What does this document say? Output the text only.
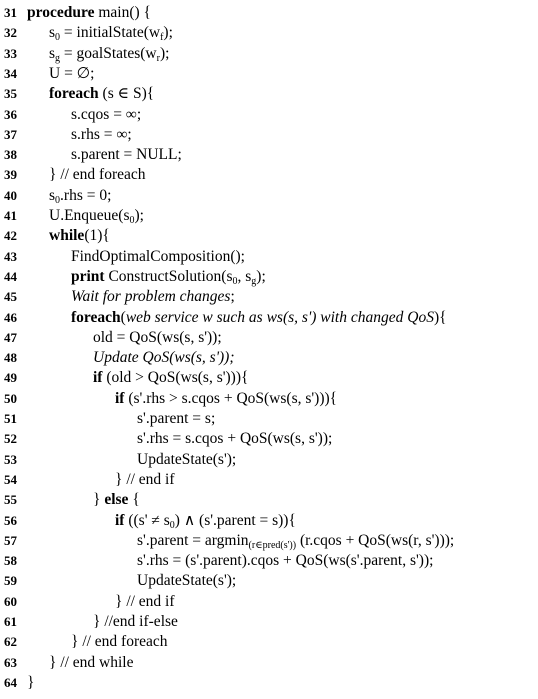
31 procedure main() {
32	$s_0$ = $initialState(w_f)$;
33	$s_g$ = $goalStates(w_r)$;
34	U = ∅;
35	foreach (s ∈ S){
36	s.cqos = ∞;
37	s.rhs = ∞;
38	s.parent = NULL;
39	} // end foreach
40	$s_0.rhs = 0$;
41	$U.Enqueue(s_0)$;
42	while(1){
43	FindOptimalComposition();
44	print $ConstructSolution(s_0$, $s_g$);
45	Wait for problem changes;
46	foreach(web service w such as ws(s, s') with changed QoS){
47	old = QoS(ws(s, s'));
48	Update QoS(ws(s, s'));
49	if (old > QoS(ws(s, s'))){
50	if (s'.rhs > s.cqos + QoS(ws(s, s'))){
51	s'.parent = s;
52	s'.rhs = s.cqos + QoS(ws(s, s'));
53	UpdateState(s');
54	} // end if
55	} else {
56	if ($(s' \ne s_0)$ ∧ (s'.parent = s)){
57	s'.parent = argmin$_{(r\in pred(s'))}$ (r.cqos + QoS(ws(r, s')));
58	s'.rhs = (s'.parent).cqos + QoS(ws(s'.parent, s'));
59	UpdateState(s');
60	} // end if
61	} //end if-else
62	} // end foreach
63	} // end while
64 }
